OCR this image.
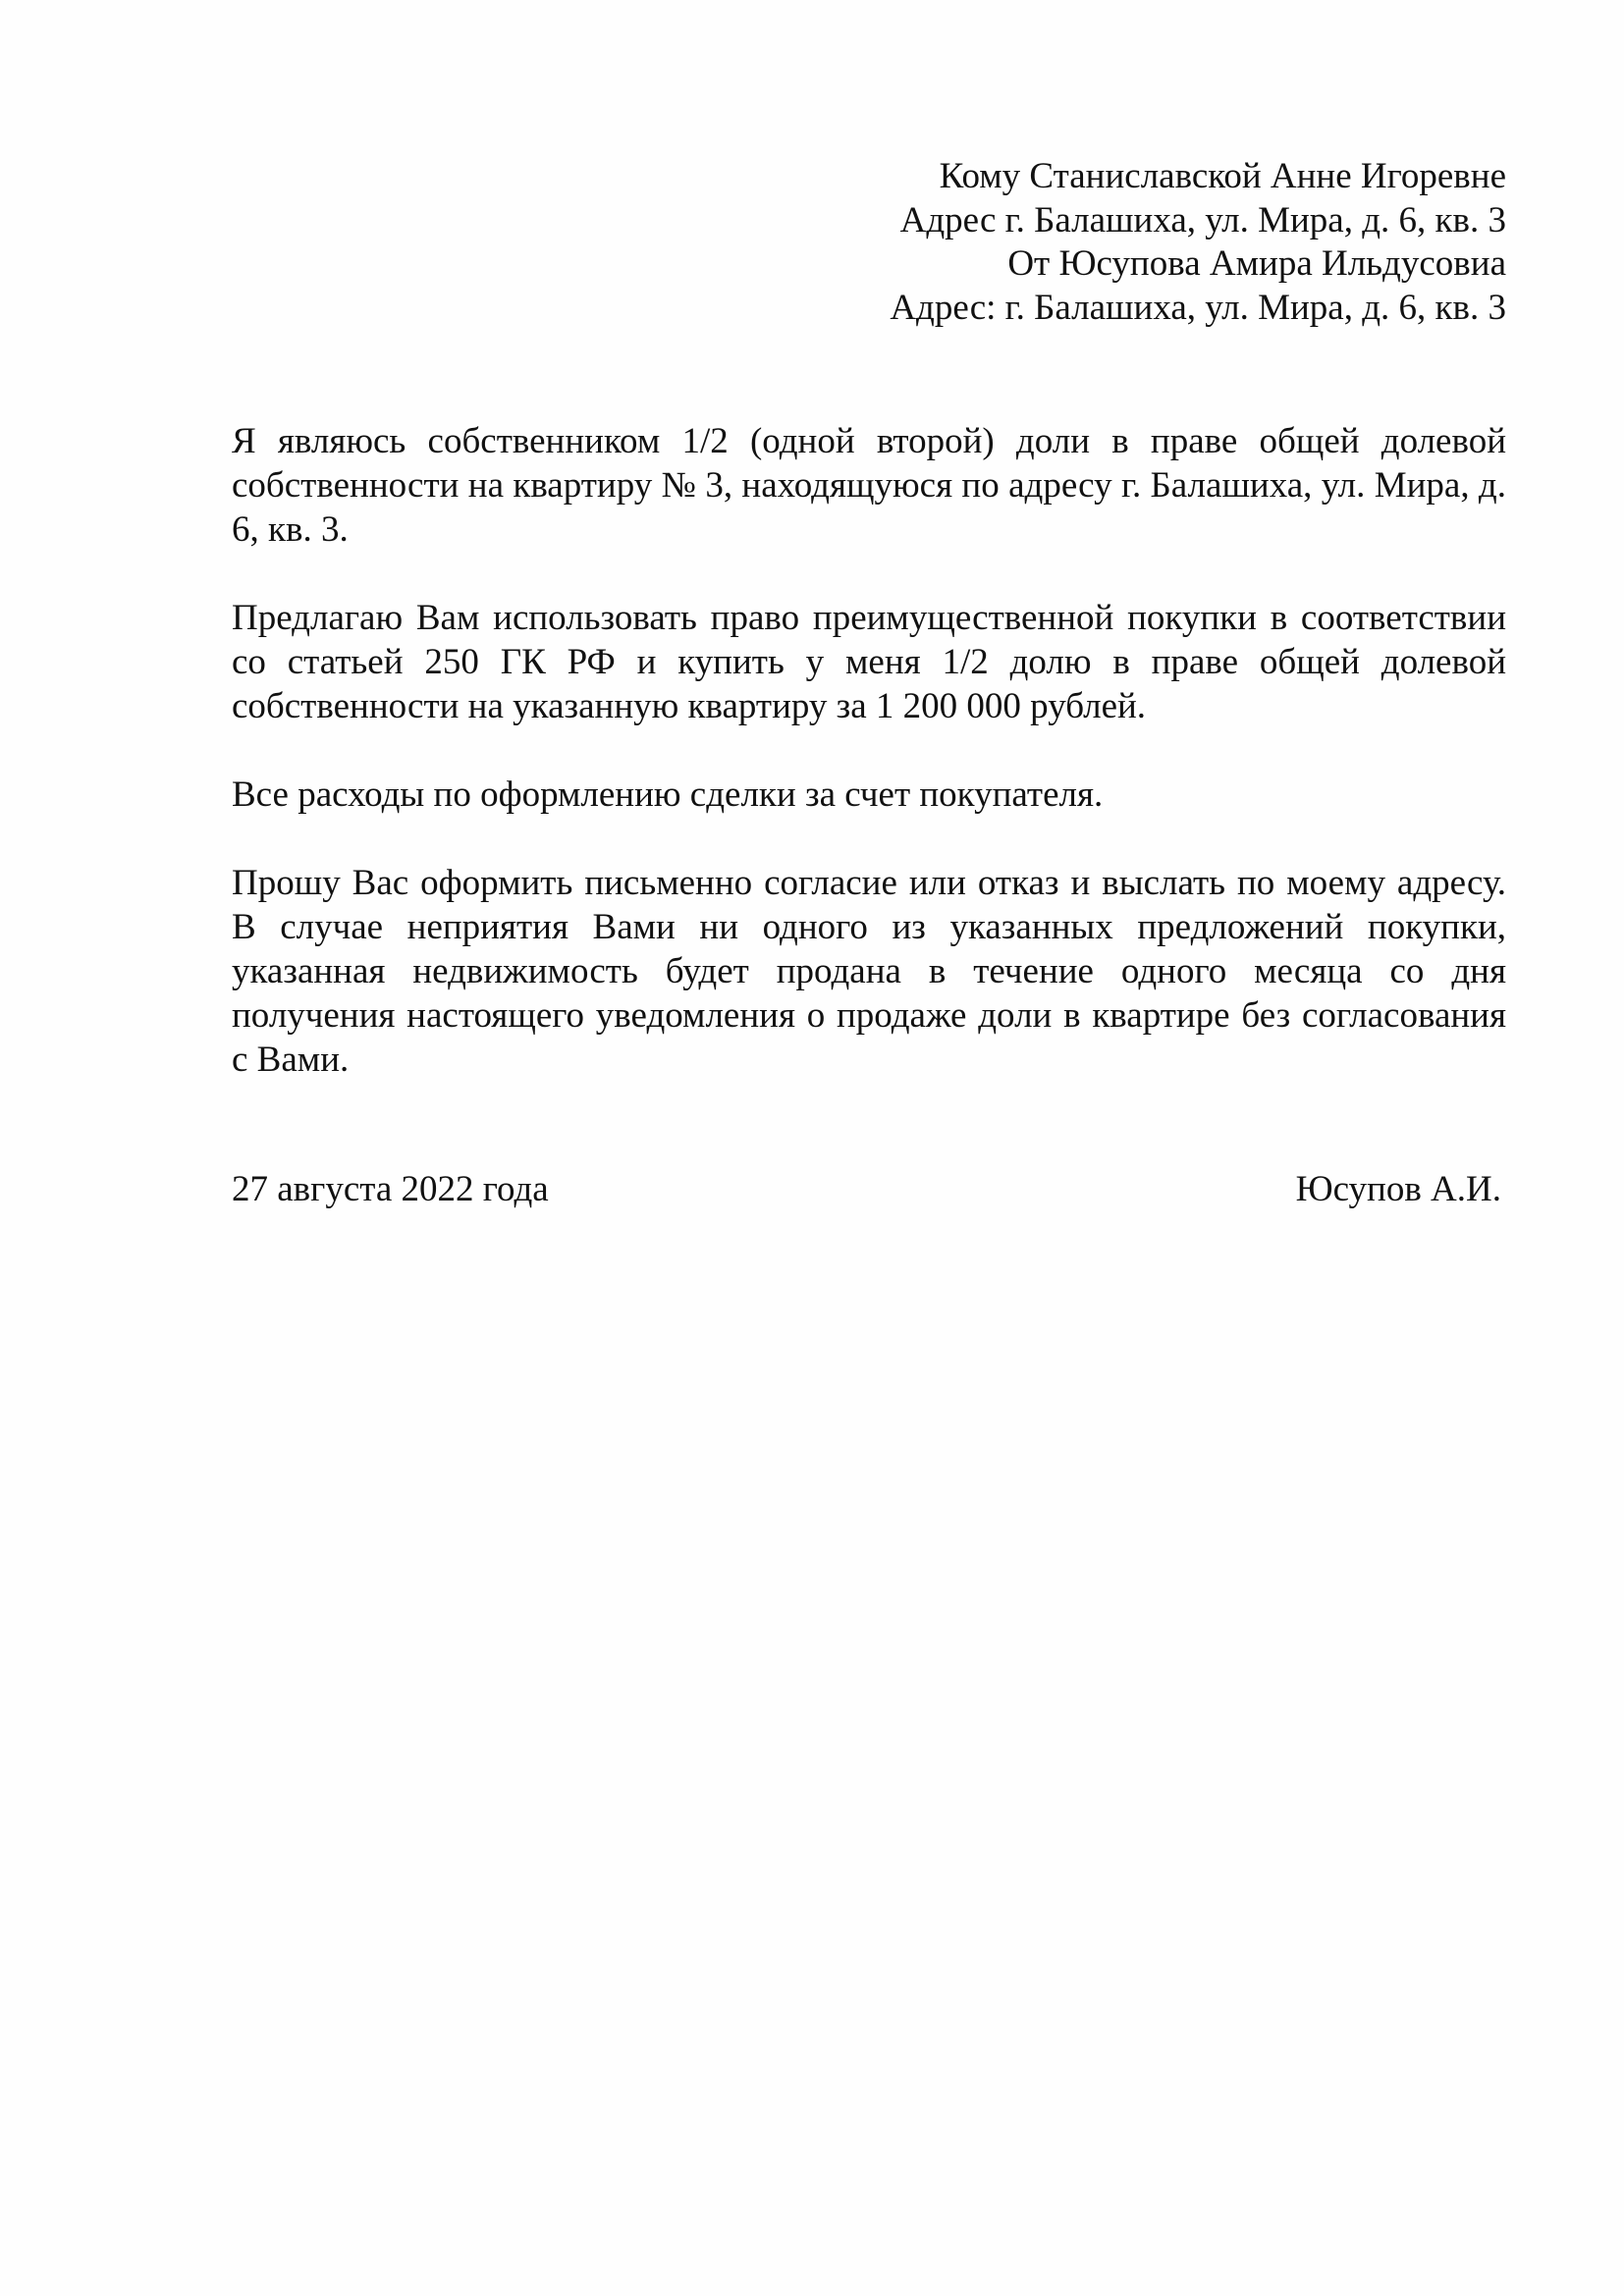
Кому Станиславской Анне Игоревне
Адрес г. Балашиха, ул. Мира, д. 6, кв. 3
От Юсупова Амира Ильдусовиа
Адрес: г. Балашиха, ул. Мира, д. 6, кв. 3

Я являюсь собственником 1/2 (одной второй) доли в праве общей долевой собственности на квартиру № 3, находящуюся по адресу г. Балашиха, ул. Мира, д. 6, кв. 3.

Предлагаю Вам использовать право преимущественной покупки в соответствии со статьей 250 ГК РФ и купить у меня 1/2 долю в праве общей долевой собственности на указанную квартиру за 1 200 000 рублей.

Все расходы по оформлению сделки за счет покупателя.

Прошу Вас оформить письменно согласие или отказ и выслать по моему адресу. В случае неприятия Вами ни одного из указанных предложений покупки, указанная недвижимость будет продана в течение одного месяца со дня получения настоящего уведомления о продаже доли в квартире без согласования с Вами.

27 августа 2022 года	Юсупов А.И.
